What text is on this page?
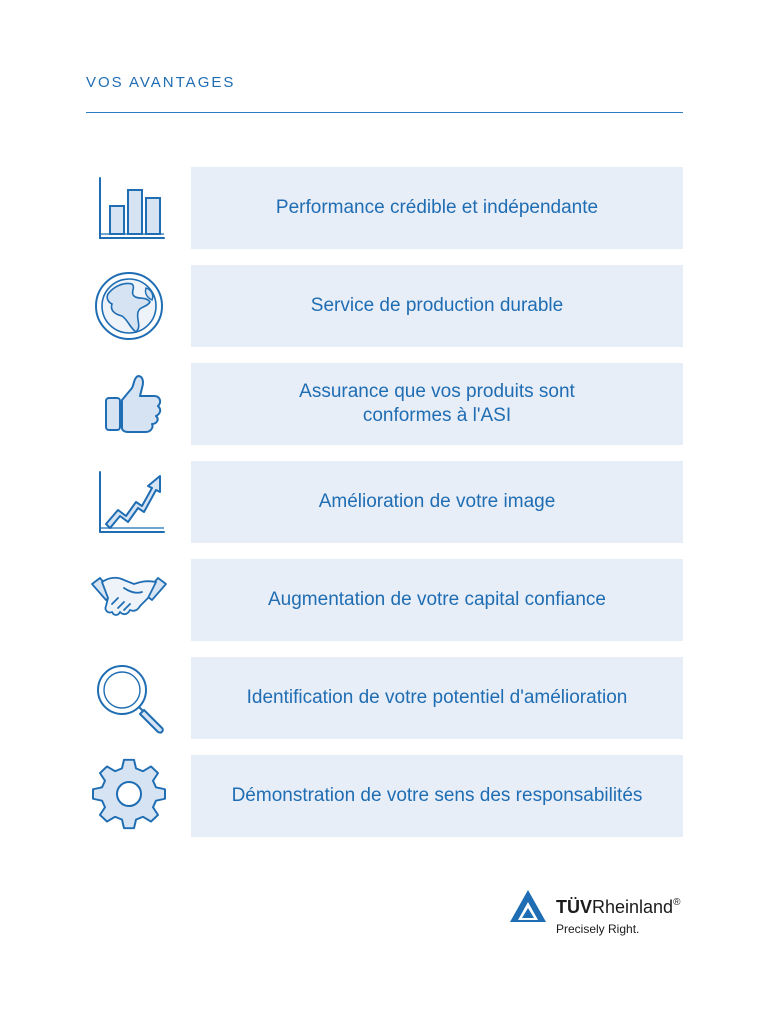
VOS AVANTAGES
Performance crédible et indépendante
Service de production durable
Assurance que vos produits sont
conformes à l'ASI
Amélioration de votre image
Augmentation de votre capital confiance
Identification de votre potentiel d'amélioration
Démonstration de votre sens des responsabilités
TÜVRheinland®
Precisely Right.
